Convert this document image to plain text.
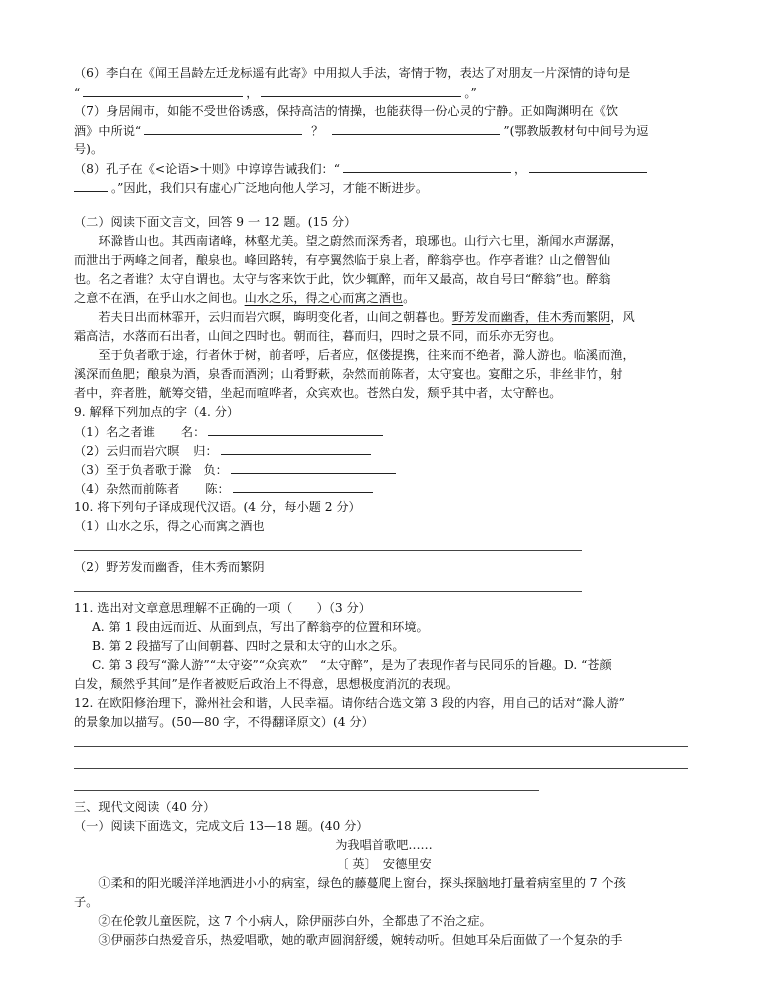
（6）李白在《闻王昌龄左迁龙标遥有此寄》中用拟人手法，寄情于物，表达了对朋友一片深情的诗句是
“	，	。”
（7）身居闹市，如能不受世俗诱惑，保持高洁的情操，也能获得一份心灵的宁静。正如陶渊明在《饮
酒》中所说“	？	”(鄂教版教材句中间号为逗
号)。
（8）孔子在《<论语>十则》中谆谆告诫我们：“	，
。”因此，我们只有虚心广泛地向他人学习，才能不断进步。
（二）阅读下面文言文，回答 9 一 12 题。(15 分）
环滁皆山也。其西南诸峰，林壑尤美。望之蔚然而深秀者，琅琊也。山行六七里，渐闻水声潺潺，
而泄出于两峰之间者，酿泉也。峰回路转，有亭翼然临于泉上者，醉翁亭也。作亭者谁？山之僧智仙
也。名之者谁？太守自谓也。太守与客来饮于此，饮少辄醉，而年又最高，故自号曰“醉翁”也。醉翁
之意不在酒，在乎山水之间也。山水之乐，得之心而寓之酒也。
若夫日出而林霏开，云归而岩穴暝，晦明变化者，山间之朝暮也。野芳发而幽香，佳木秀而繁阴，风
霜高洁，水落而石出者，山间之四时也。朝而往，暮而归，四时之景不同，而乐亦无穷也。
至于负者歌于途，行者休于树，前者呼，后者应，伛偻提携，往来而不绝者，滁人游也。临溪而渔，
溪深而鱼肥；酿泉为酒，泉香而酒洌；山肴野蔌，杂然而前陈者，太守宴也。宴酣之乐，非丝非竹，射
者中，弈者胜，觥筹交错，坐起而喧哗者，众宾欢也。苍然白发，颓乎其中者，太守醉也。
9. 解释下列加点的字（4. 分）
（1）名之者谁 名：
（2）云归而岩穴暝 归：
（3）至于负者歌于滁 负：
（4）杂然而前陈者 陈：
10. 将下列句子译成现代汉语。(4 分，每小题 2 分）
（1）山水之乐，得之心而寓之酒也
（2）野芳发而幽香，佳木秀而繁阴
11. 选出对文章意思理解不正确的一项（　　）（3 分）
A. 第 1 段由远而近、从面到点，写出了醉翁亭的位置和环境。
B. 第 2 段描写了山间朝暮、四时之景和太守的山水之乐。
C. 第 3 段写“滁人游”“太守姿”“众宾欢”　“太守醉”，是为了表现作者与民同乐的旨趣。D. “苍颜
白发，颓然乎其间”是作者被贬后政治上不得意，思想极度消沉的表现。
12. 在欧阳修治理下，滁州社会和谐，人民幸福。请你结合选文第 3 段的内容，用自己的话对“滁人游”
的景象加以描写。(50—80 字，不得翻译原文）(4 分）
三、现代文阅读（40 分）
（一）阅读下面选文，完成文后 13—18 题。(40 分）
为我唱首歌吧……
〔 英〕　安德里安
①柔和的阳光暖洋洋地洒进小小的病室，绿色的藤蔓爬上窗台，探头探脑地打量着病室里的 7 个孩
子。
②在伦敦儿童医院，这 7 个小病人，除伊丽莎白外，全都患了不治之症。
③伊丽莎白热爱音乐，热爱唱歌，她的歌声圆润舒缓，婉转动听。但她耳朵后面做了一个复杂的手
